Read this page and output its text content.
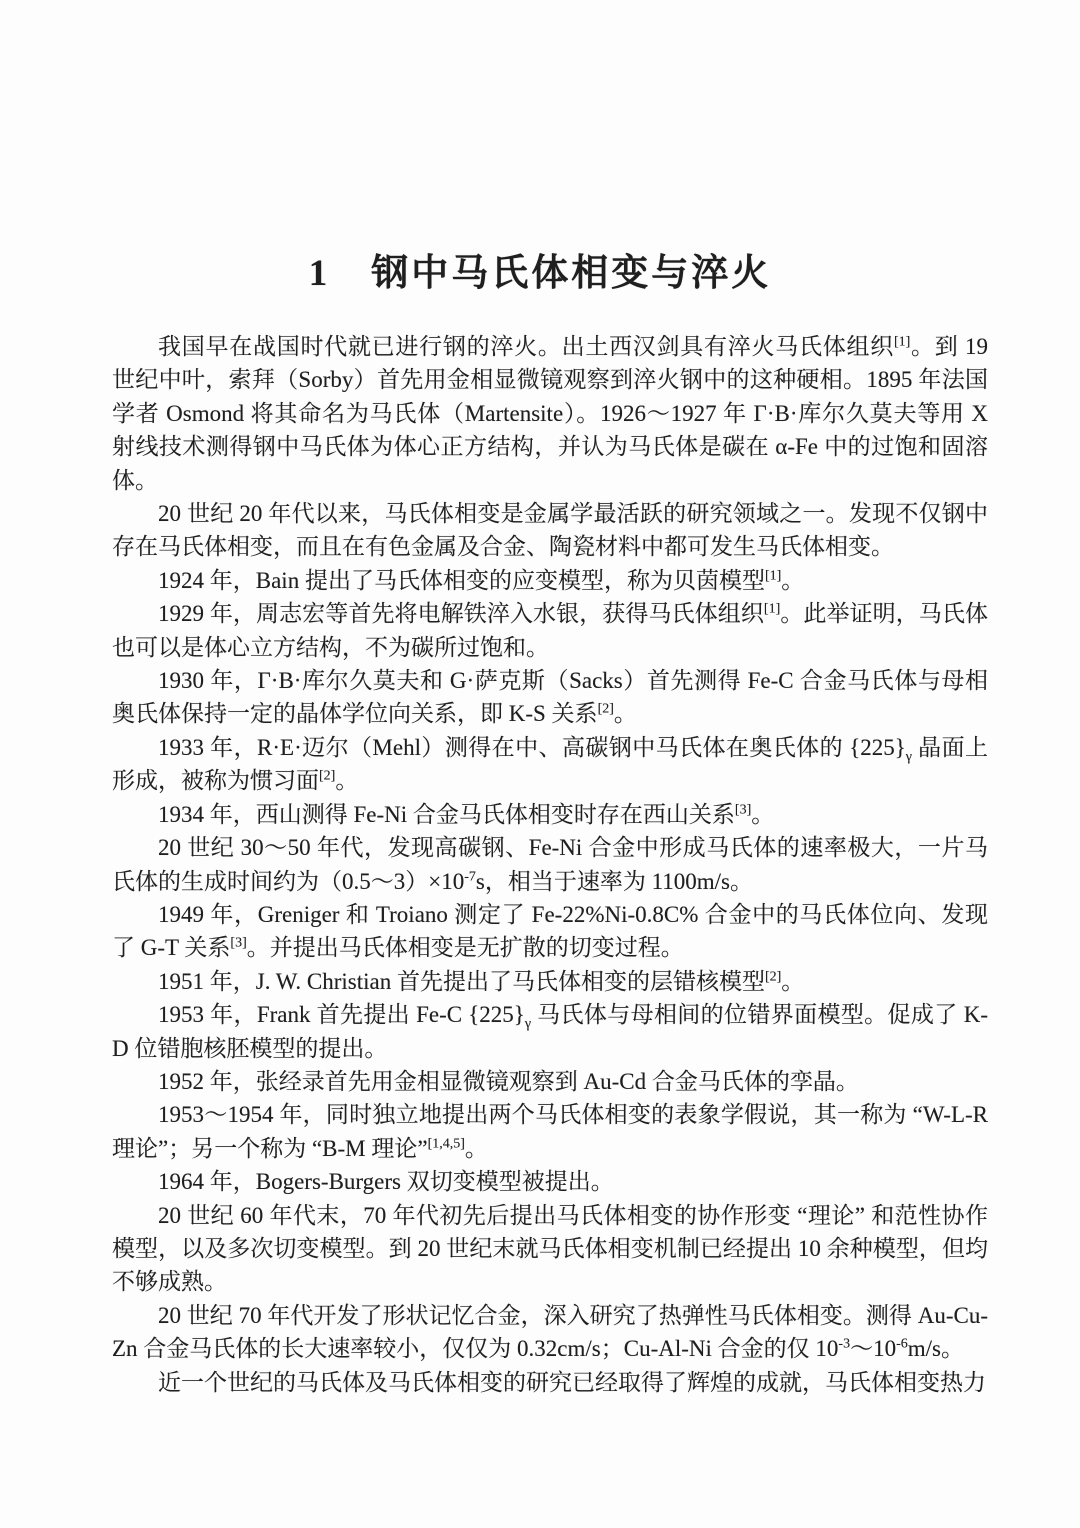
1 钢中马氏体相变与淬火

我国早在战国时代就已进行钢的淬火。出土西汉剑具有淬火马氏体组织[1]。到 19 世纪中叶，索拜（Sorby）首先用金相显微镜观察到淬火钢中的这种硬相。1895 年法国学者 Osmond 将其命名为马氏体（Martensite）。1926～1927 年 Г·В·库尔久莫夫等用 X 射线技术测得钢中马氏体为体心正方结构，并认为马氏体是碳在 α-Fe 中的过饱和固溶体。

20 世纪 20 年代以来，马氏体相变是金属学最活跃的研究领域之一。发现不仅钢中存在马氏体相变，而且在有色金属及合金、陶瓷材料中都可发生马氏体相变。

1924 年，Bain 提出了马氏体相变的应变模型，称为贝茵模型[1]。

1929 年，周志宏等首先将电解铁淬入水银，获得马氏体组织[1]。此举证明，马氏体也可以是体心立方结构，不为碳所过饱和。

1930 年，Г·В·库尔久莫夫和 G·萨克斯（Sacks）首先测得 Fe-C 合金马氏体与母相奥氏体保持一定的晶体学位向关系，即 K-S 关系[2]。

1933 年，R·E·迈尔（Mehl）测得在中、高碳钢中马氏体在奥氏体的 $\{225\}_\gamma$ 晶面上形成，被称为惯习面[2]。

1934 年，西山测得 Fe-Ni 合金马氏体相变时存在西山关系[3]。

20 世纪 30～50 年代，发现高碳钢、Fe-Ni 合金中形成马氏体的速率极大，一片马氏体的生成时间约为$(0.5\sim 3)\times 10^{-7}s$，相当于速率为 1100m/s。

1949 年，Greniger 和 Troiano 测定了 Fe-22%Ni-0.8C% 合金中的马氏体位向、发现了 G-T 关系[3]。并提出马氏体相变是无扩散的切变过程。

1951 年，J. W. Christian 首先提出了马氏体相变的层错核模型[2]。

1953 年，Frank 首先提出 Fe-C $\{225\}_\gamma$ 马氏体与母相间的位错界面模型。促成了 K-D 位错胞核胚模型的提出。

1952 年，张经录首先用金相显微镜观察到 Au-Cd 合金马氏体的孪晶。

1953～1954 年，同时独立地提出两个马氏体相变的表象学假说，其一称为 “W-L-R 理论”；另一个称为 “B-M 理论”[1,4,5]。

1964 年，Bogers-Burgers 双切变模型被提出。

20 世纪 60 年代末，70 年代初先后提出马氏体相变的协作形变 “理论” 和范性协作模型，以及多次切变模型。到 20 世纪末就马氏体相变机制已经提出 10 余种模型，但均不够成熟。

20 世纪 70 年代开发了形状记忆合金，深入研究了热弹性马氏体相变。测得 Au-Cu-Zn 合金马氏体的长大速率较小，仅仅为 0.32cm/s；Cu-Al-Ni 合金的仅 $10^{-3}\sim 10^{-6}m/s$。

近一个世纪的马氏体及马氏体相变的研究已经取得了辉煌的成就，马氏体相变热力
